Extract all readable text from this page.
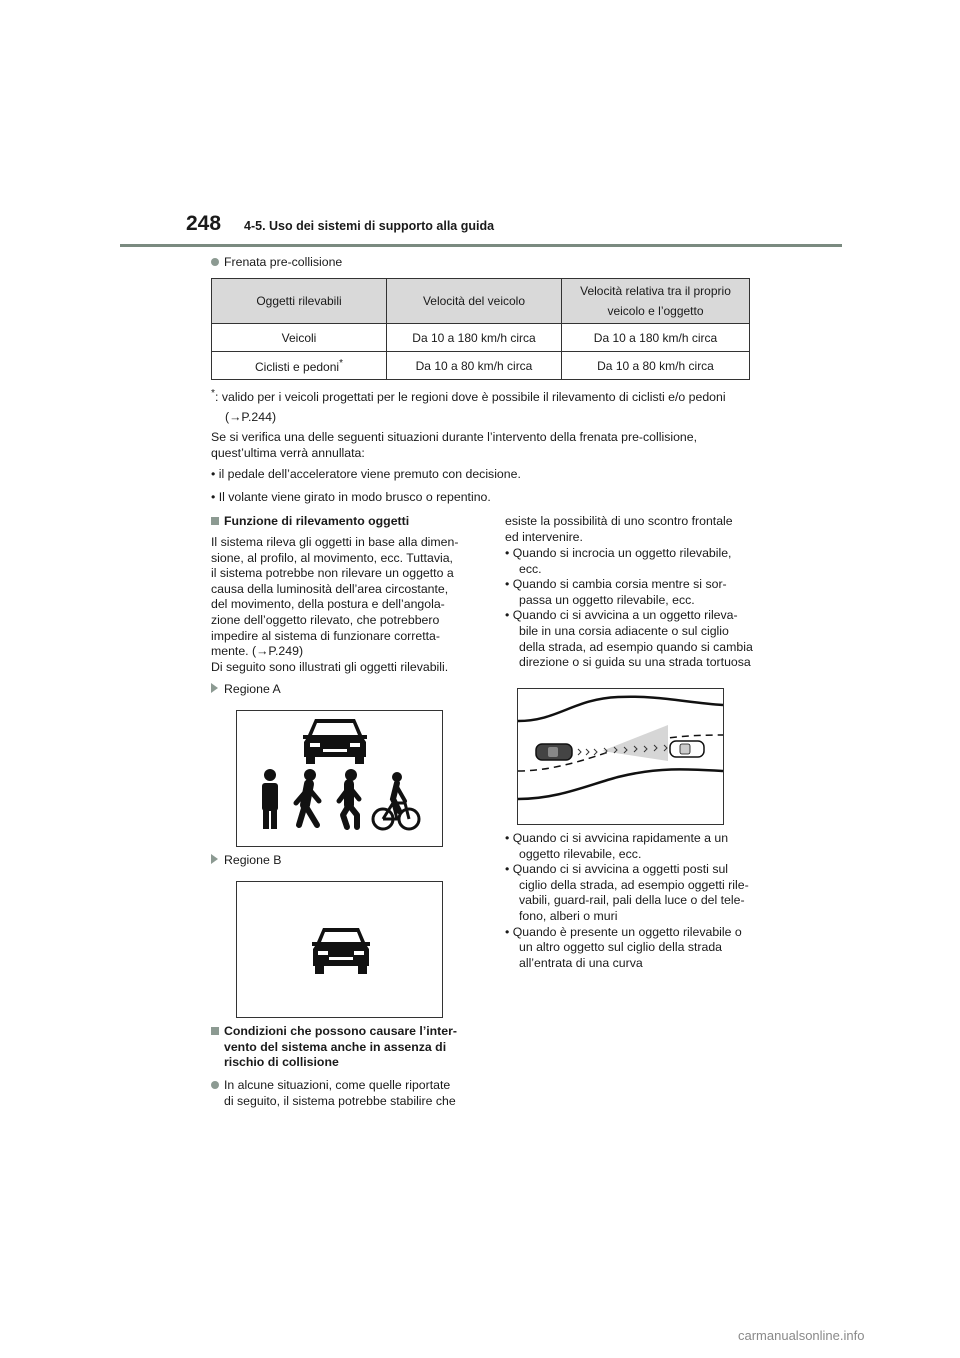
248 4-5. Uso dei sistemi di supporto alla guida
Frenata pre-collisione
Oggetti rilevabili	Velocità del veicolo	Velocità relativa tra il proprio veicolo e l’oggetto
Veicoli	Da 10 a 180 km/h circa	Da 10 a 180 km/h circa
Ciclisti e pedoni*	Da 10 a 80 km/h circa	Da 10 a 80 km/h circa
*: valido per i veicoli progettati per le regioni dove è possibile il rilevamento di ciclisti e/o pedoni
(→P.244)
Se si verifica una delle seguenti situazioni durante l’intervento della frenata pre-collisione, quest’ultima verrà annullata:
• il pedale dell’acceleratore viene premuto con decisione.
• Il volante viene girato in modo brusco o repentino.
Funzione di rilevamento oggetti
Il sistema rileva gli oggetti in base alla dimen-
sione, al profilo, al movimento, ecc. Tuttavia,
il sistema potrebbe non rilevare un oggetto a
causa della luminosità dell’area circostante,
del movimento, della postura e dell’angola-
zione dell’oggetto rilevato, che potrebbero
impedire al sistema di funzionare corretta-
mente. (→P.249)
Di seguito sono illustrati gli oggetti rilevabili.
Regione A
Regione B
Condizioni che possono causare l’inter-
vento del sistema anche in assenza di
rischio di collisione
In alcune situazioni, come quelle riportate
di seguito, il sistema potrebbe stabilire che
esiste la possibilità di uno scontro frontale
ed intervenire.
• Quando si incrocia un oggetto rilevabile,
ecc.
• Quando si cambia corsia mentre si sor-
passa un oggetto rilevabile, ecc.
• Quando ci si avvicina a un oggetto rileva-
bile in una corsia adiacente o sul ciglio
della strada, ad esempio quando si cambia
direzione o si guida su una strada tortuosa
• Quando ci si avvicina rapidamente a un
oggetto rilevabile, ecc.
• Quando ci si avvicina a oggetti posti sul
ciglio della strada, ad esempio oggetti rile-
vabili, guard-rail, pali della luce o del tele-
fono, alberi o muri
• Quando è presente un oggetto rilevabile o
un altro oggetto sul ciglio della strada
all’entrata di una curva
carmanualsonline.info
